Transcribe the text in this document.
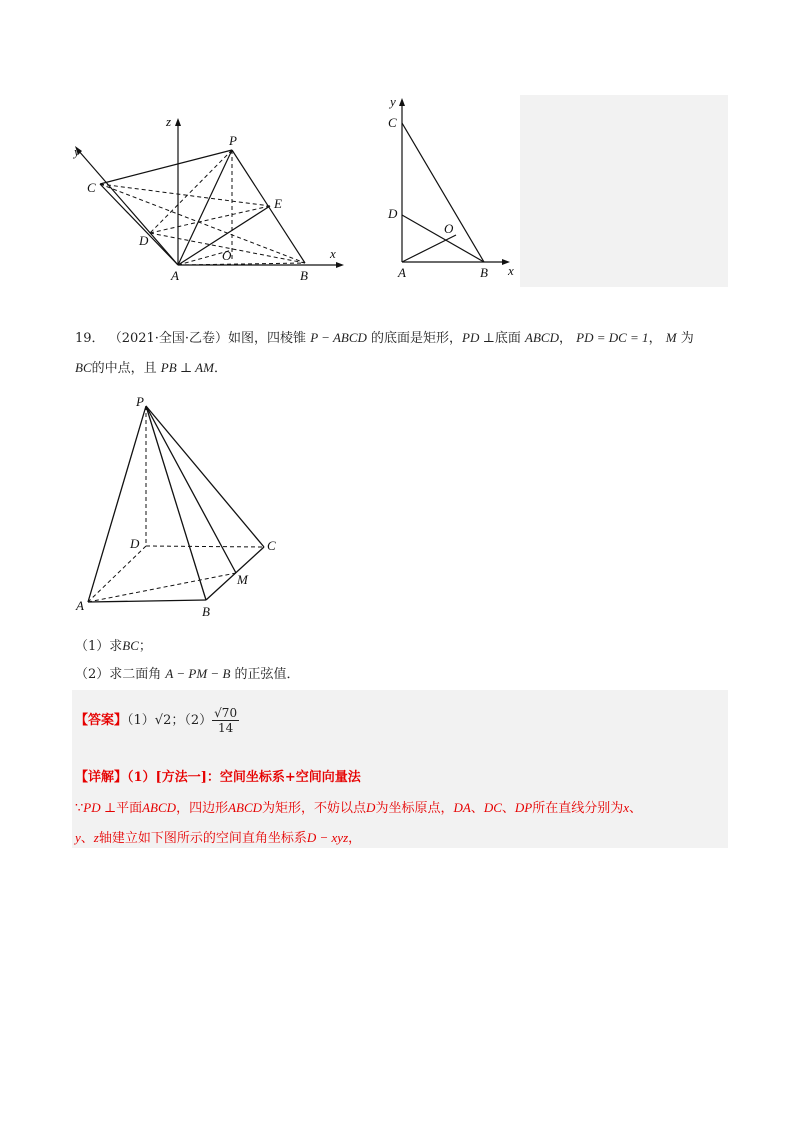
z
y
x
P
C
E
D
O
A	B
y
C
D
O
A	B x
19． （2021·全国·乙卷）如图，四棱锥 P − ABCD 的底面是矩形，PD ⊥底面 ABCD， PD = DC = 1， M 为
BC的中点，且 PB ⊥ AM．
P
D	C
M
A	B
（1）求BC；
（2）求二面角 A − PM − B 的正弦值．
【答案】（1）√2；$(2) \frac{√70}{14}$
【详解】（1）[方法一]：空间坐标系+空间向量法
∵PD ⊥平面ABCD，四边形ABCD为矩形，不妨以点D为坐标原点，DA、DC、DP所在直线分别为x、
y、z轴建立如下图所示的空间直角坐标系D − xyz，
